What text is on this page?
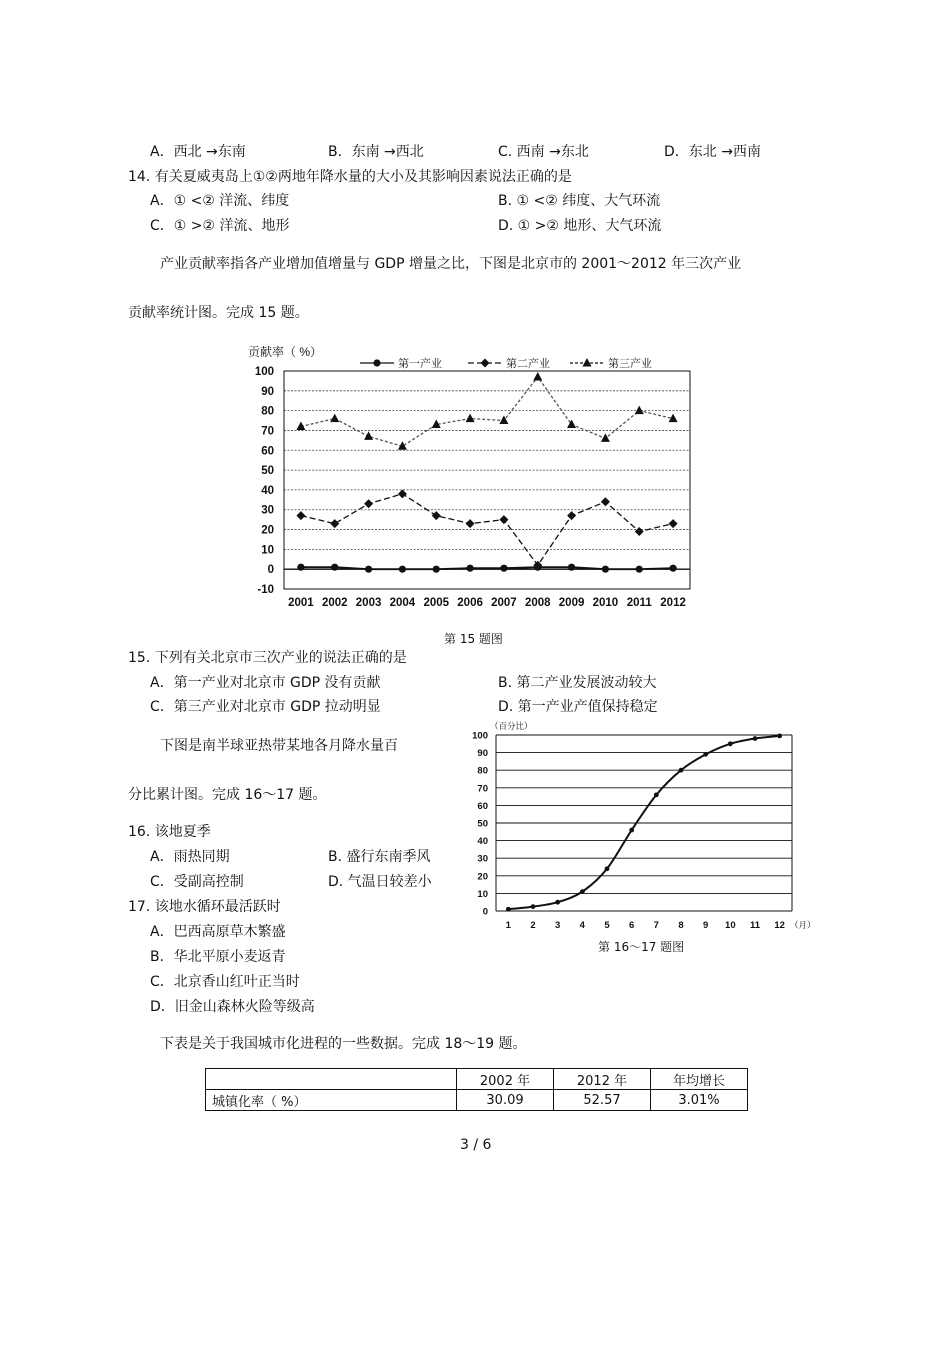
A．西北 →东南	B．东南 →西北	C. 西南 →东北	D．东北 →西南
14. 有关夏威夷岛上①②两地年降水量的大小及其影响因素说法正确的是
A．① <② 洋流、纬度	B. ① <② 纬度、大气环流
C．① >② 洋流、地形	D. ① >② 地形、大气环流
产业贡献率指各产业增加值增量与 GDP 增量之比，下图是北京市的 2001～2012 年三次产业
贡献率统计图。完成 15 题。
贡献率（ %）
100
90
80
70
60
50
40
30
20
10
0
-10
2001 2002 2003 2004 2005 2006 2007 2008 2009 2010 2011 2012
第一产业	第二产业	第三产业
第 15 题图
15. 下列有关北京市三次产业的说法正确的是
A．第一产业对北京市 GDP 没有贡献	B. 第二产业发展波动较大
C．第三产业对北京市 GDP 拉动明显	D. 第一产业产值保持稳定
下图是南半球亚热带某地各月降水量百
分比累计图。完成 16～17 题。
16. 该地夏季
A．雨热同期	B. 盛行东南季风
C．受副高控制	D. 气温日较差小
17. 该地水循环最活跃时
A．巴西高原草木繁盛
B．华北平原小麦返青
C．北京香山红叶正当时
D．旧金山森林火险等级高
（百分比）
100
90
80
70
60
50
40
30
20
10
0
1 2 3 4 5 6 7 8 9 10 11 12 （月）
第 16～17 题图
下表是关于我国城市化进程的一些数据。完成 18～19 题。
	2002 年	2012 年	年均增长
城镇化率（ %）	30.09	52.57	3.01%
3 / 6
